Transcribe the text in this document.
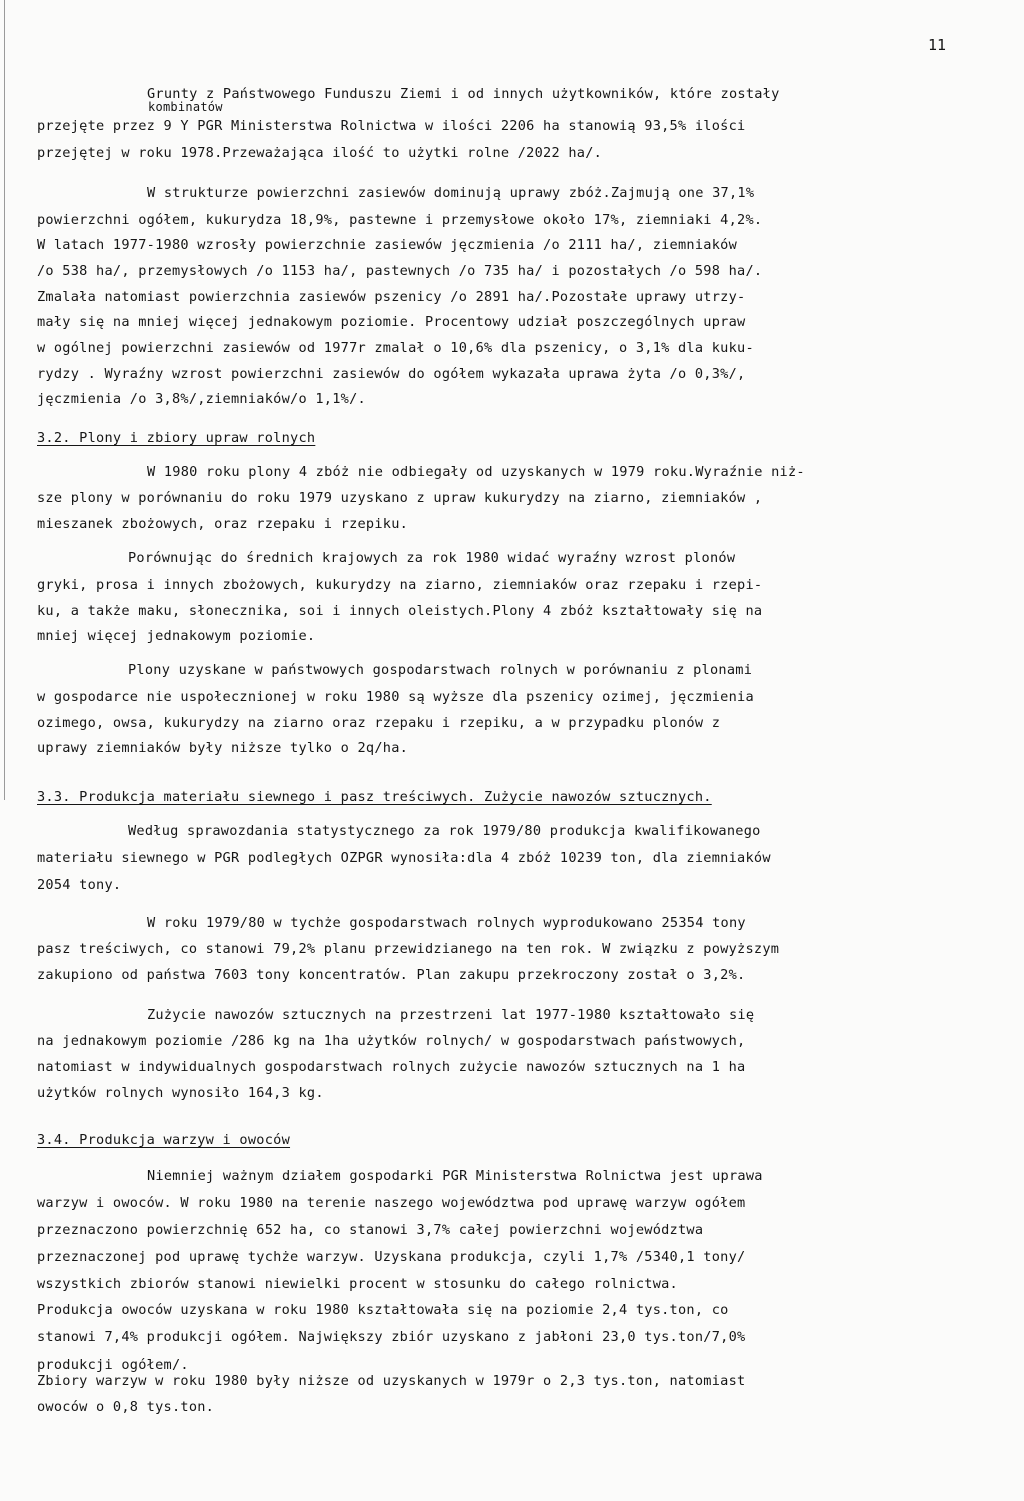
11
Grunty z Państwowego Funduszu Ziemi i od innych użytkowników, które zostały
kombinatów
przejęte przez 9 Y PGR Ministerstwa Rolnictwa w ilości 2206 ha stanowią 93,5% ilości
przejętej w roku 1978.Przeważająca ilość to użytki rolne /2022 ha/.
W strukturze powierzchni zasiewów dominują uprawy zbóż.Zajmują one 37,1%
powierzchni ogółem, kukurydza 18,9%, pastewne i przemysłowe około 17%, ziemniaki 4,2%.
W latach 1977-1980 wzrosły powierzchnie zasiewów jęczmienia /o 2111 ha/, ziemniaków
/o 538 ha/, przemysłowych /o 1153 ha/, pastewnych /o 735 ha/ i pozostałych /o 598 ha/.
Zmalała natomiast powierzchnia zasiewów pszenicy /o 2891 ha/.Pozostałe uprawy utrzy-
mały się na mniej więcej jednakowym poziomie. Procentowy udział poszczególnych upraw
w ogólnej powierzchni zasiewów od 1977r zmalał o 10,6% dla pszenicy, o 3,1% dla kuku-
rydzy . Wyraźny wzrost powierzchni zasiewów do ogółem wykazała uprawa żyta /o 0,3%/,
jęczmienia /o 3,8%/,ziemniaków/o 1,1%/.
3.2. Plony i zbiory upraw rolnych
W 1980 roku plony 4 zbóż nie odbiegały od uzyskanych w 1979 roku.Wyraźnie niż-
sze plony w porównaniu do roku 1979 uzyskano z upraw kukurydzy na ziarno, ziemniaków ,
mieszanek zbożowych, oraz rzepaku i rzepiku.
Porównując do średnich krajowych za rok 1980 widać wyraźny wzrost plonów
gryki, prosa i innych zbożowych, kukurydzy na ziarno, ziemniaków oraz rzepaku i rzepi-
ku, a także maku, słonecznika, soi i innych oleistych.Plony 4 zbóż kształtowały się na
mniej więcej jednakowym poziomie.
Plony uzyskane w państwowych gospodarstwach rolnych w porównaniu z plonami
w gospodarce nie uspołecznionej w roku 1980 są wyższe dla pszenicy ozimej, jęczmienia
ozimego, owsa, kukurydzy na ziarno oraz rzepaku i rzepiku, a w przypadku plonów z
uprawy ziemniaków były niższe tylko o 2q/ha.
3.3. Produkcja materiału siewnego i pasz treściwych. Zużycie nawozów sztucznych.
Według sprawozdania statystycznego za rok 1979/80 produkcja kwalifikowanego
materiału siewnego w PGR podległych OZPGR wynosiła:dla 4 zbóż 10239 ton, dla ziemniaków
2054 tony.
W roku 1979/80 w tychże gospodarstwach rolnych wyprodukowano 25354 tony
pasz treściwych, co stanowi 79,2% planu przewidzianego na ten rok. W związku z powyższym
zakupiono od państwa 7603 tony koncentratów. Plan zakupu przekroczony został o 3,2%.
Zużycie nawozów sztucznych na przestrzeni lat 1977-1980 kształtowało się
na jednakowym poziomie /286 kg na 1ha użytków rolnych/ w gospodarstwach państwowych,
natomiast w indywidualnych gospodarstwach rolnych zużycie nawozów sztucznych na 1 ha
użytków rolnych wynosiło 164,3 kg.
3.4. Produkcja warzyw i owoców
Niemniej ważnym działem gospodarki PGR Ministerstwa Rolnictwa jest uprawa
warzyw i owoców. W roku 1980 na terenie naszego województwa pod uprawę warzyw ogółem
przeznaczono powierzchnię 652 ha, co stanowi 3,7% całej powierzchni województwa
przeznaczonej pod uprawę tychże warzyw. Uzyskana produkcja, czyli 1,7% /5340,1 tony/
wszystkich zbiorów stanowi niewielki procent w stosunku do całego rolnictwa.
Produkcja owoców uzyskana w roku 1980 kształtowała się na poziomie 2,4 tys.ton, co
stanowi 7,4% produkcji ogółem. Największy zbiór uzyskano z jabłoni 23,0 tys.ton/7,0%
produkcji ogółem/.
Zbiory warzyw w roku 1980 były niższe od uzyskanych w 1979r o 2,3 tys.ton, natomiast
owoców o 0,8 tys.ton.
